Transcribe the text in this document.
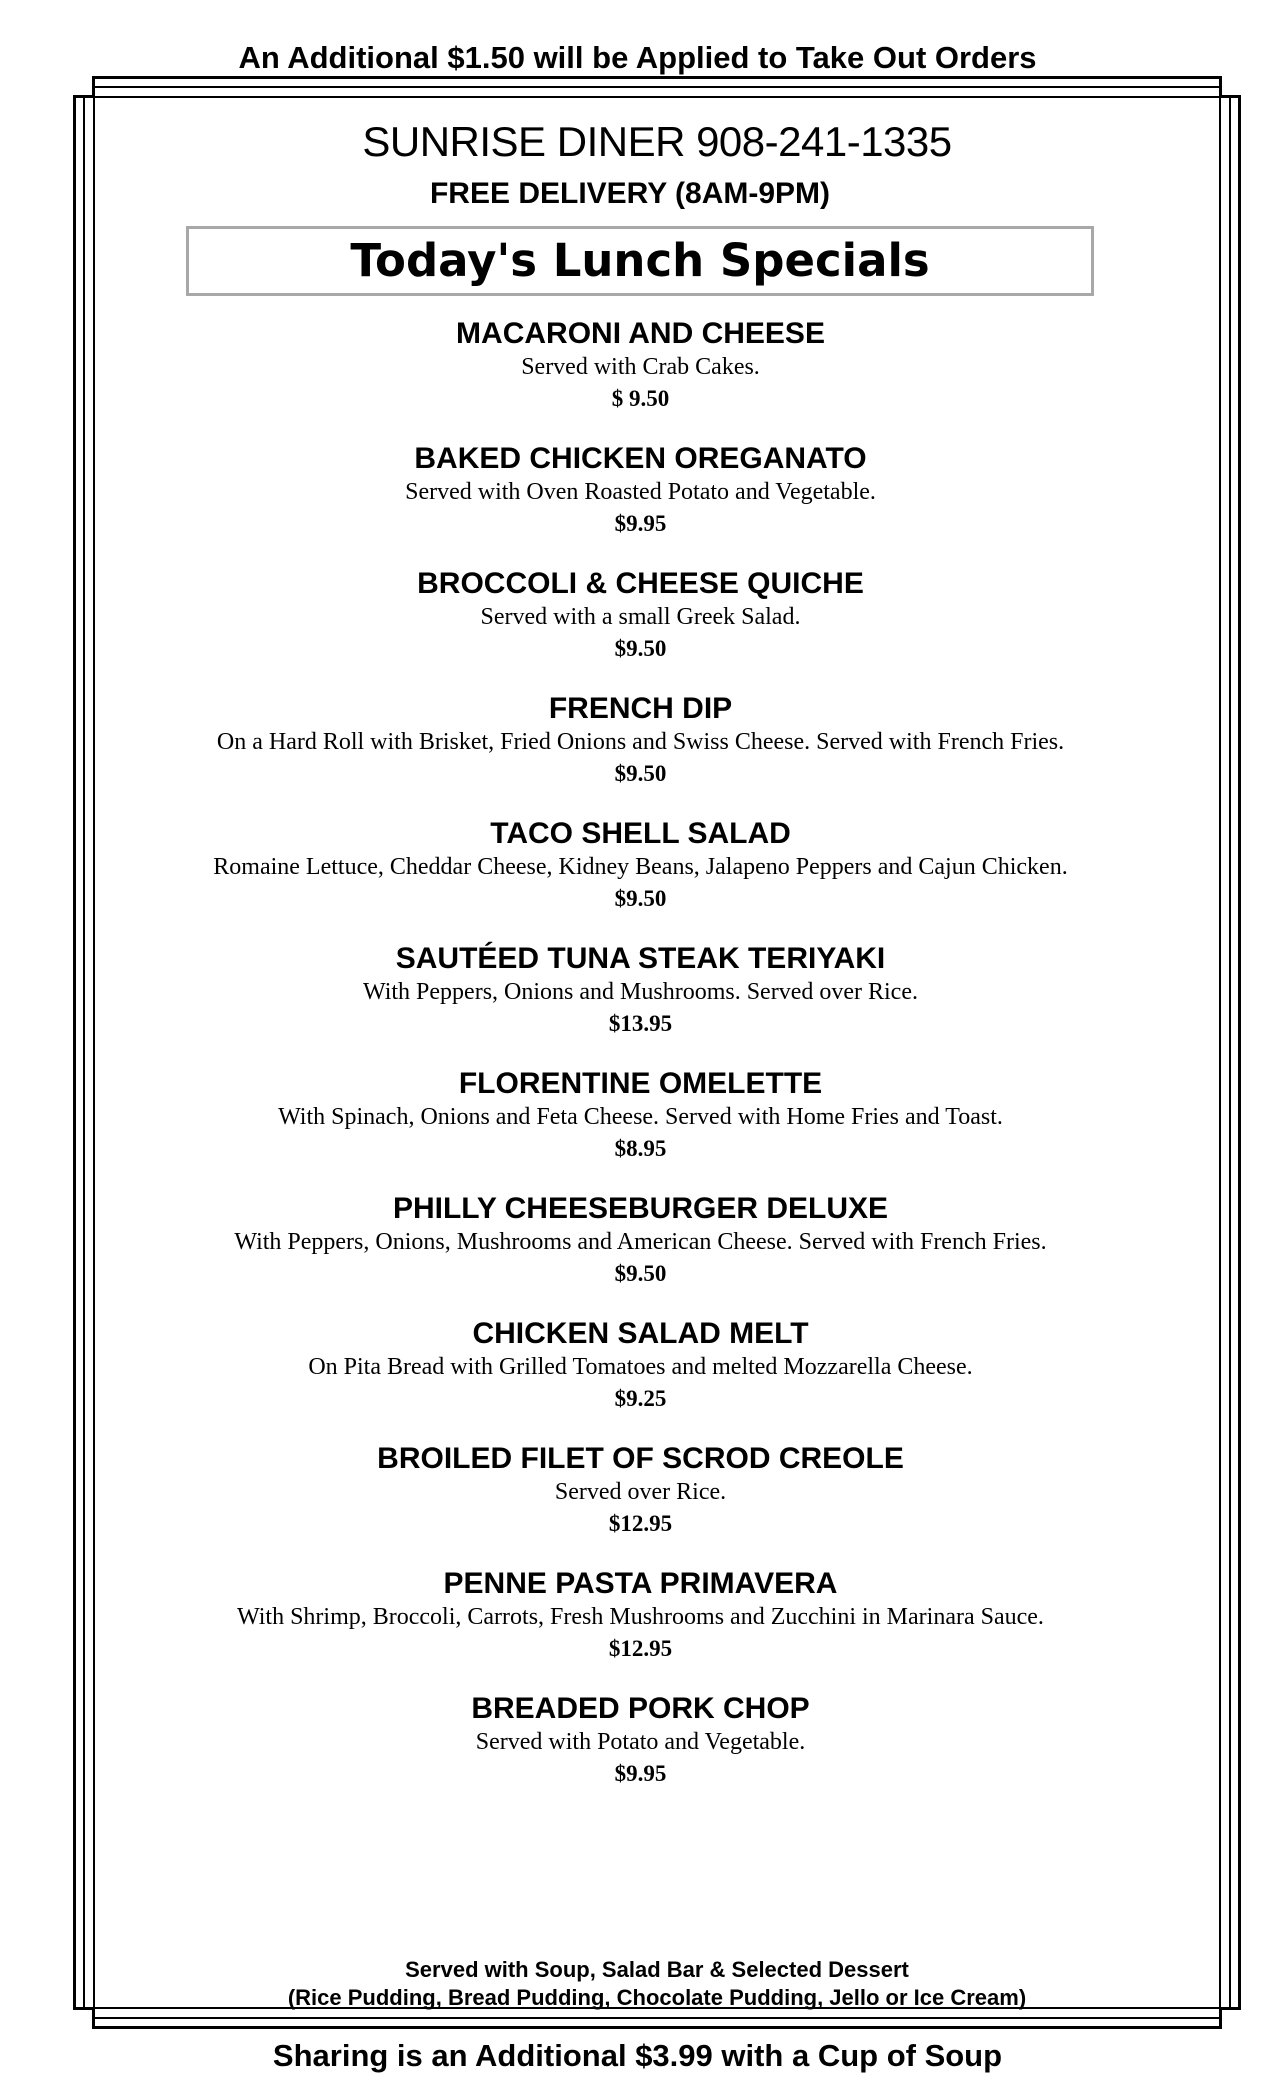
An Additional $1.50 will be Applied to Take Out Orders
SUNRISE DINER 908-241-1335
FREE DELIVERY (8AM-9PM)
Today's Lunch Specials
MACARONI AND CHEESE
Served with Crab Cakes.
$ 9.50
BAKED CHICKEN OREGANATO
Served with Oven Roasted Potato and Vegetable.
$9.95
BROCCOLI & CHEESE QUICHE
Served with a small Greek Salad.
$9.50
FRENCH DIP
On a Hard Roll with Brisket, Fried Onions and Swiss Cheese. Served with French Fries.
$9.50
TACO SHELL SALAD
Romaine Lettuce, Cheddar Cheese, Kidney Beans, Jalapeno Peppers and Cajun Chicken.
$9.50
SAUTÉED TUNA STEAK TERIYAKI
With Peppers, Onions and Mushrooms. Served over Rice.
$13.95
FLORENTINE OMELETTE
With Spinach, Onions and Feta Cheese. Served with Home Fries and Toast.
$8.95
PHILLY CHEESEBURGER DELUXE
With Peppers, Onions, Mushrooms and American Cheese. Served with French Fries.
$9.50
CHICKEN SALAD MELT
On Pita Bread with Grilled Tomatoes and melted Mozzarella Cheese.
$9.25
BROILED FILET OF SCROD CREOLE
Served over Rice.
$12.95
PENNE PASTA PRIMAVERA
With Shrimp, Broccoli, Carrots, Fresh Mushrooms and Zucchini in Marinara Sauce.
$12.95
BREADED PORK CHOP
Served with Potato and Vegetable.
$9.95
Served with Soup, Salad Bar & Selected Dessert
(Rice Pudding, Bread Pudding, Chocolate Pudding, Jello or Ice Cream)
Sharing is an Additional $3.99 with a Cup of Soup
